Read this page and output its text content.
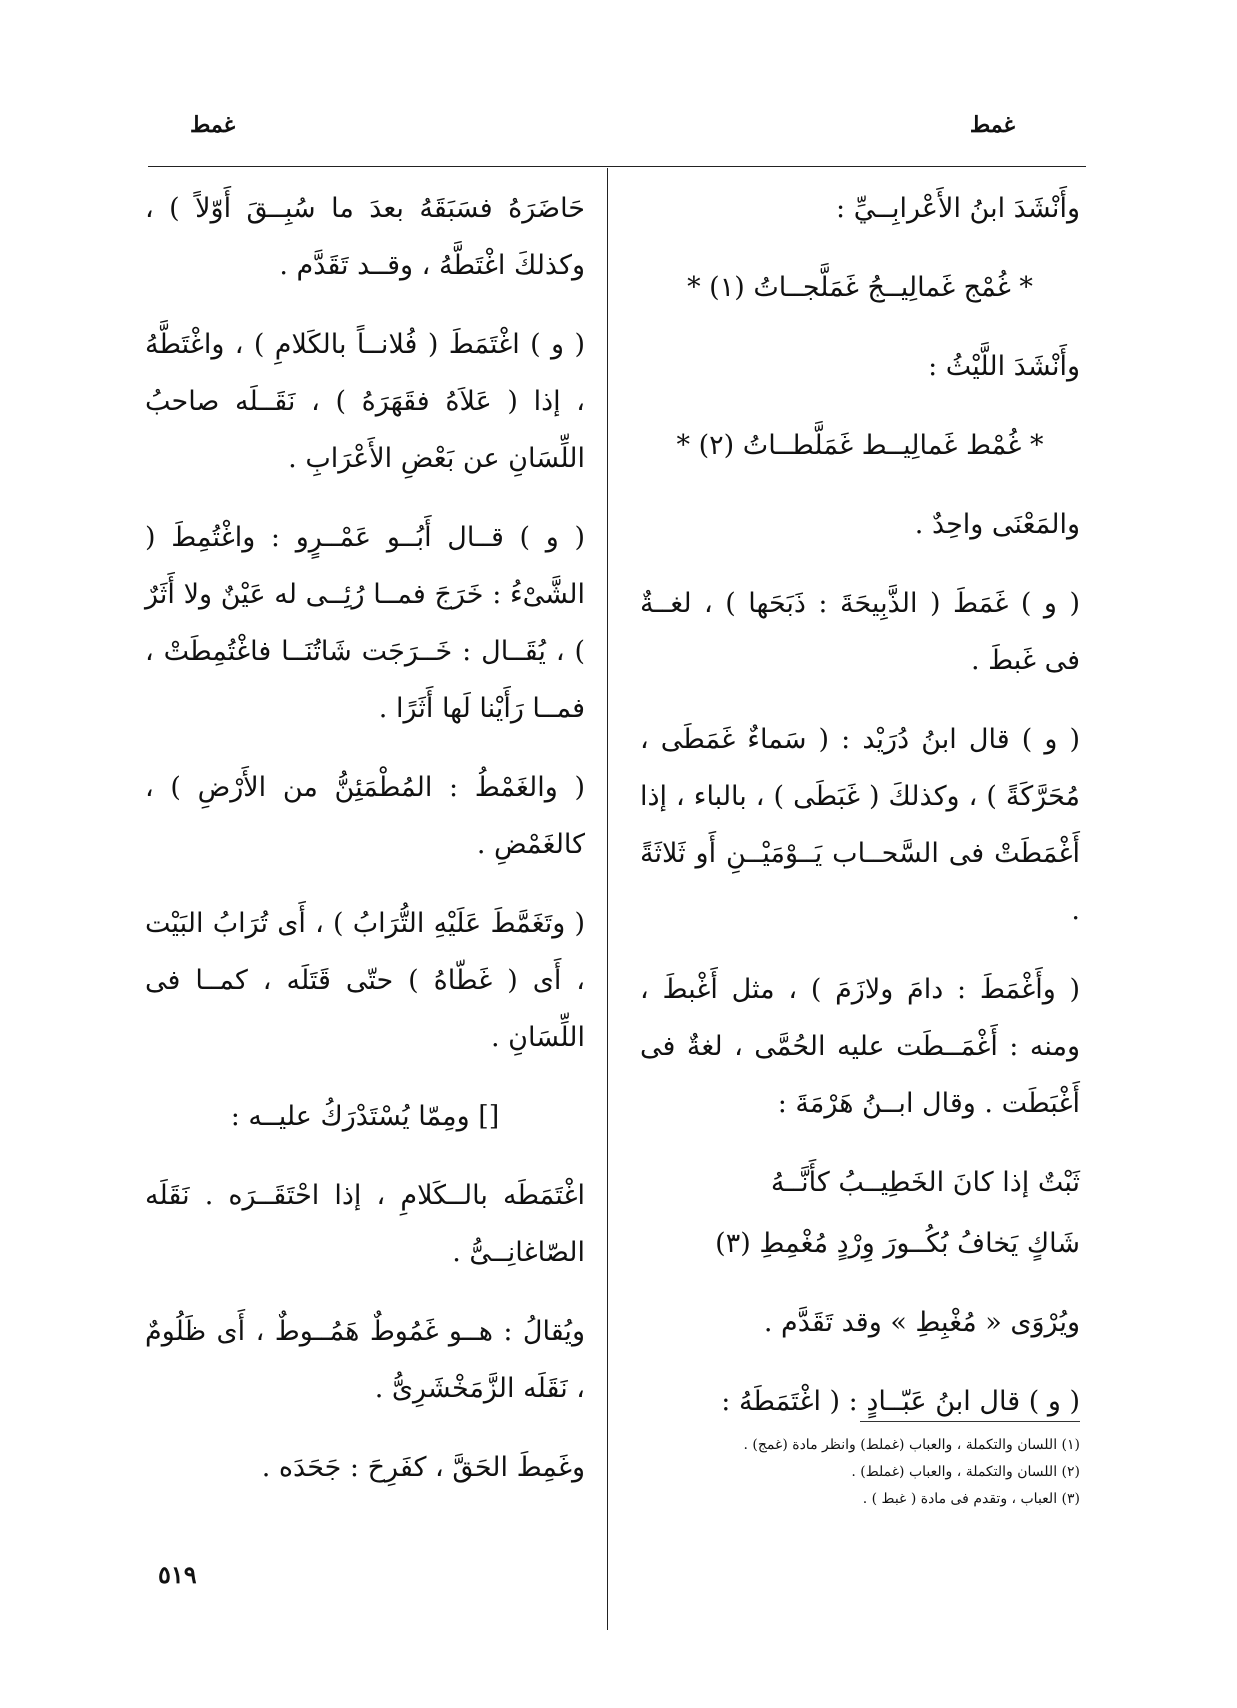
غمط
غمط

وأَنْشَدَ ابنُ الأَعْرابِــيِّ :

* غُمْج غَمالِيــجُ غَمَلَّجــاتُ (١) *

وأَنْشَدَ اللَّيْثُ :

* غُمْط غَمالِيــط غَمَلَّطــاتُ (٢) *

والمَعْنَى واحِدٌ .

( و ) غَمَطَ ( الذَّبِيحَةَ : ذَبَحَها ) ، لغــةٌ فى غَبطَ .

( و ) قال ابنُ دُرَيْد : ( سَماءٌ غَمَطَى ، مُحَرَّكَةً ) ، وكذلكَ ( غَبَطَى ) ، بالباء ، إذا أَغْمَطَتْ فى السَّحــاب يَــوْمَيْــنِ أَو ثَلاثَةً .

( وأَغْمَطَ : دامَ ولازَمَ ) ، مثل أَغْبطَ ، ومنه : أَغْمَــطَت عليه الحُمَّى ، لغةٌ فى أَغْبَطَت . وقال ابــنُ هَرْمَةَ :

ثَبْتٌ إذا كانَ الخَطِيــبُ كأَنَّــهُ

شَاكٍ يَخافُ بُكُــورَ وِرْدٍ مُغْمِطِ (٣)

ويُرْوَى « مُغْبِطِ » وقد تَقَدَّم .

( و ) قال ابنُ عَبّــادٍ : ( اغْتَمَطَهُ :

حَاضَرَهُ فسَبَقَهُ بعدَ ما سُبِــقَ أَوّلاً ) ، وكذلكَ اغْتَطَّهُ ، وقــد تَقَدَّم .

( و ) اغْتَمَطَ ( فُلانــاً بالكَلامِ ) ، واغْتَطَّهُ ، إذا ( عَلاَهُ فقَهَرَهُ ) ، نَقَــلَه صاحبُ اللِّسَانِ عن بَعْضِ الأَعْرَابِ .

( و ) قــال أَبُــو عَمْــرٍو : واغْتُمِطَ ( الشَّىْءُ : خَرَجَ فمــا رُئِــى له عَيْنٌ ولا أَثَرٌ ) ، يُقَــال : خَــرَجَت شَاتُنَــا فاغْتُمِطَتْ ، فمــا رَأَيْنا لَها أَثَرًا .

( والغَمْطُ : المُطْمَئِنُّ من الأَرْضِ ) ، كالغَمْضِ .

( وتَغَمَّطَ عَلَيْهِ التُّرَابُ ) ، أَى تُرَابُ البَيْت ، أَى ( غَطّاهُ ) حتّى قَتَلَه ، كمــا فى اللِّسَانِ .

[] ومِمّا يُسْتَدْرَكُ عليــه :

اغْتَمَطَه بالــكَلامِ ، إذا احْتَقَــرَه . نَقَلَه الصّاغانِــىُّ .

ويُقالُ : هــو غَمُوطٌ هَمُــوطٌ ، أَى ظَلُومٌ ، نَقَلَه الزَّمَخْشَرِىُّ .

وغَمِطَ الحَقَّ ، كفَرِحَ : جَحَدَه .

(١) اللسان والتكملة ، والعباب (غملط) وانظر مادة (غمج) .
(٢) اللسان والتكملة ، والعباب (غملط) .
(٣) العباب ، وتقدم فى مادة ( غبط ) .
٥١٩
